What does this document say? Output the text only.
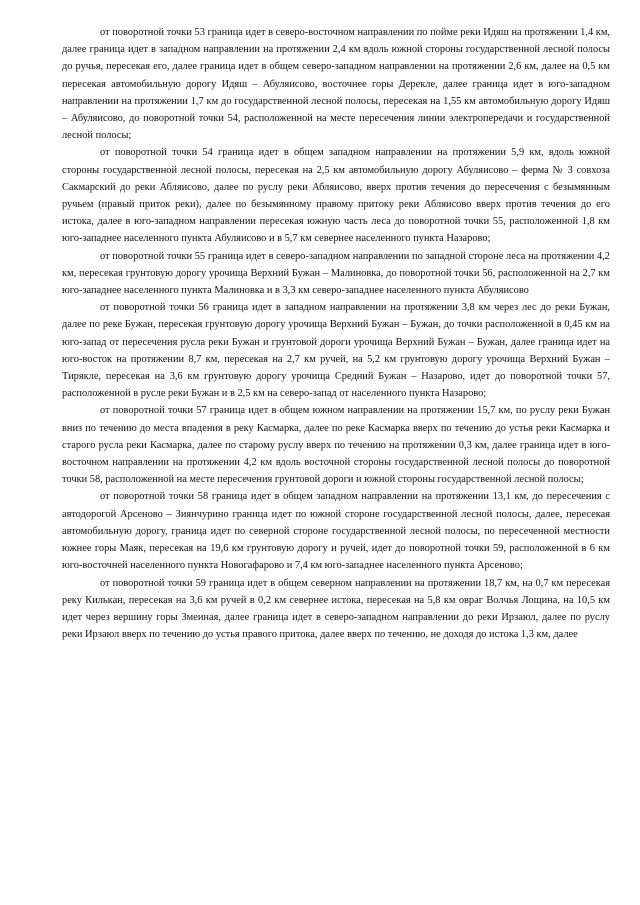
от поворотной точки 53 граница идет в северо-восточном направлении по пойме реки Идяш на протяжении 1,4 км, далее граница идет в западном направлении на протяжении 2,4 км вдоль южной стороны государственной лесной полосы до ручья, пересекая его, далее граница идет в общем северо-западном направлении на протяжении 2,6 км, далее на 0,5 км пересекая автомобильную дорогу Идяш – Абуляисово, восточнее горы Дерекле, далее граница идет в юго-западном направлении на протяжении 1,7 км до государственной лесной полосы, пересекая на 1,55 км автомобильную дорогу Идяш – Абуляисово, до поворотной точки 54, расположенной на месте пересечения линии электропередачи и государственной лесной полосы;

от поворотной точки 54 граница идет в общем западном направлении на протяжении 5,9 км, вдоль южной стороны государственной лесной полосы, пересекая на 2,5 км автомобильную дорогу Абуляисово – ферма № 3 совхоза Сакмарский до реки Абляисово, далее по руслу реки Абляисово, вверх против течения до пересечения с безымянным ручьем (правый приток реки), далее по безымянному правому притоку реки Абляисово вверх против течения до его истока, далее в юго-западном направлении пересекая южную часть леса до поворотной точки 55, расположенной 1,8 км юго-западнее населенного пункта Абуляисово и в 5,7 км севернее населенного пункта Назарово;

от поворотной точки 55 граница идет в северо-западном направлении по западной стороне леса на протяжении 4,2 км, пересекая грунтовую дорогу урочища Верхний Бужан – Малиновка, до поворотной точки 56, расположенной на 2,7 км юго-западнее населенного пункта Малиновка и в 3,3 км северо-западнее населенного пункта Абуляисово

от поворотной точки 56 граница идет в западном направлении на протяжении 3,8 км через лес до реки Бужан, далее по реке Бужан, пересекая грунтовую дорогу урочища Верхний Бужан – Бужан, до точки расположенной в 0,45 км на юго-запад от пересечения русла реки Бужан и грунтовой дороги урочища Верхний Бужан – Бужан, далее граница идет на юго-восток на протяжении 8,7 км, пересекая на 2,7 км ручей, на 5,2 км грунтовую дорогу урочища Верхний Бужан – Тирякле, пересекая на 3,6 км грунтовую дорогу урочища Средний Бужан – Назарово, идет до поворотной точки 57, расположенной в русле реки Бужан и в 2,5 км на северо-запад от населенного пункта Назарово;

от поворотной точки 57 граница идет в общем южном направлении на протяжении 15,7 км, по руслу реки Бужан вниз по течению до места впадения в реку Касмарка, далее по реке Касмарка вверх по течению до устья реки Касмарка и старого русла реки Касмарка, далее по старому руслу вверх по течению на протяжении 0,3 км, далее граница идет в юго-восточном направлении на протяжении 4,2 км вдоль восточной стороны государственной лесной полосы до поворотной точки 58, расположенной на месте пересечения грунтовой дороги и южной стороны государственной лесной полосы;

от поворотной точки 58 граница идет в общем западном направлении на протяжении 13,1 км, до пересечения с автодорогой Арсеново – Зиянчурино граница идет по южной стороне государственной лесной полосы, далее, пересекая автомобильную дорогу, граница идет по северной стороне государственной лесной полосы, по пересеченной местности южнее горы Маяк, пересекая на 19,6 км грунтовую дорогу и ручей, идет до поворотной точки 59, расположенной в 6 км юго-восточней населенного пункта Новогафарово и 7,4 км юго-западнее населенного пункта Арсеново;

от поворотной точки 59 граница идет в общем северном направлении на протяжении 18,7 км, на 0,7 км пересекая реку Килькан, пересекая на 3,6 км ручей в 0,2 км севернее истока, пересекая на 5,8 км овраг Волчья Лощина, на 10,5 км идет через вершину горы Змеиная, далее граница идет в северо-западном направлении до реки Ирзаюл, далее по руслу реки Ирзаюл вверх по течению до устья правого притока, далее вверх по течению, не доходя до истока 1,3 км, далее
